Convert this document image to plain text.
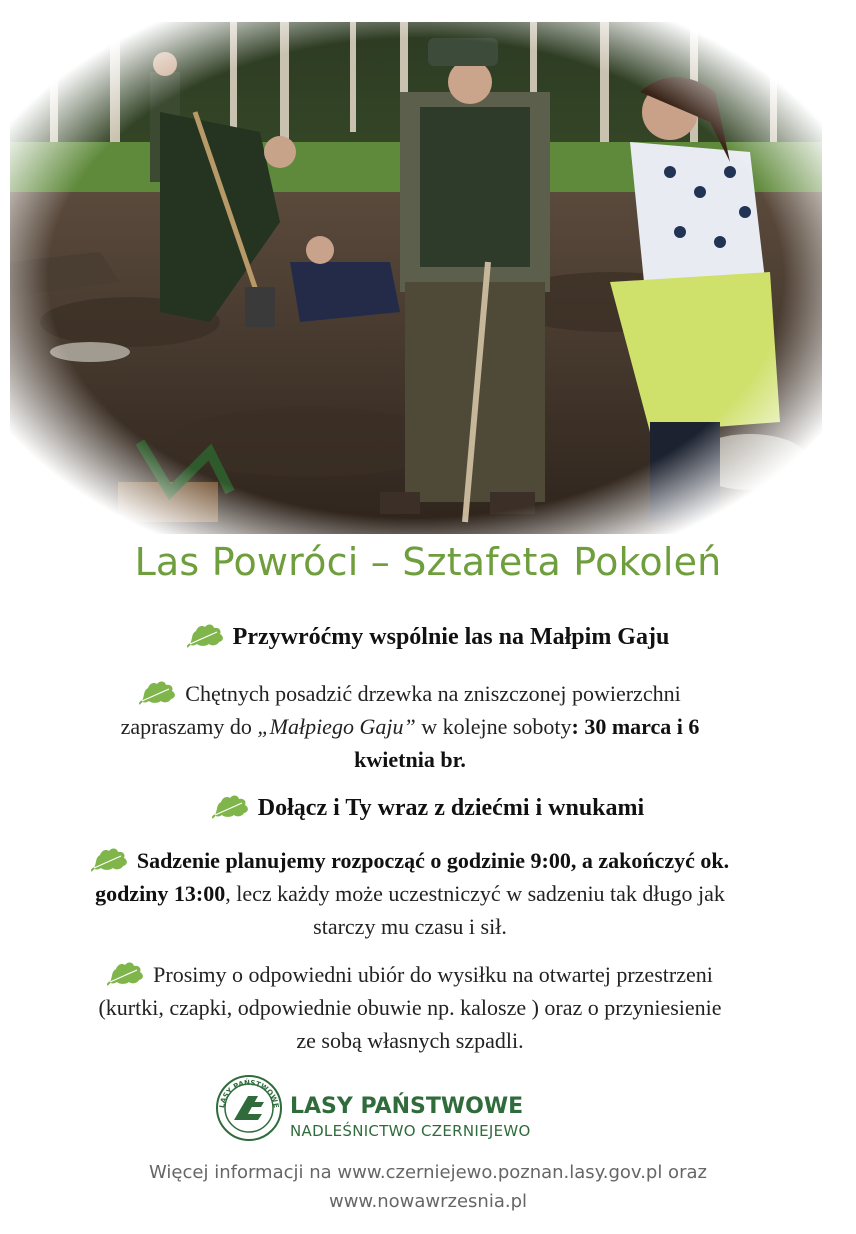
Las Powróci – Sztafeta Pokoleń
Przywróćmy wspólnie las na Małpim Gaju
Chętnych posadzić drzewka na zniszczonej powierzchni zapraszamy do „Małpiego Gaju” w kolejne soboty: 30 marca i 6 kwietnia br.
Dołącz i Ty wraz z dziećmi i wnukami
Sadzenie planujemy rozpocząć o godzinie 9:00, a zakończyć ok. godziny 13:00, lecz każdy może uczestniczyć w sadzeniu tak długo jak starczy mu czasu i sił.
Prosimy o odpowiedni ubiór do wysiłku na otwartej przestrzeni (kurtki, czapki, odpowiednie obuwie np. kalosze ) oraz o przyniesienie ze sobą własnych szpadli.
LASY PAŃSTWOWE LASY PAŃSTWOWE
NADLEŚNICTWO CZERNIEJEWO
Więcej informacji na www.czerniejewo.poznan.lasy.gov.pl oraz
www.nowawrzesnia.pl
